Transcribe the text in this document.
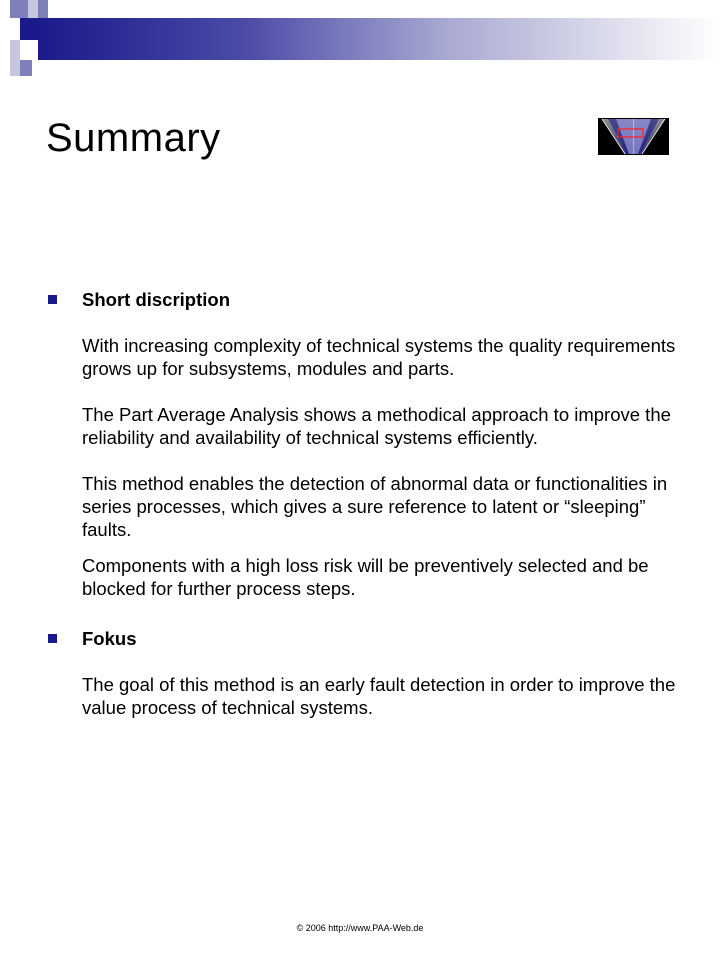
Summary

Short discription

With increasing complexity of technical systems the quality requirements grows up for subsystems, modules and parts.

The Part Average Analysis shows a methodical approach to improve the reliability and availability of technical systems efficiently.

This method enables the detection of abnormal data or functionalities in series processes, which gives a sure reference to latent or “sleeping” faults.

Components with a high loss risk will be preventively selected and be blocked for further process steps.

Fokus

The goal of this method is an early fault detection in order to improve the value process of technical systems.

© 2006 http://www.PAA-Web.de
